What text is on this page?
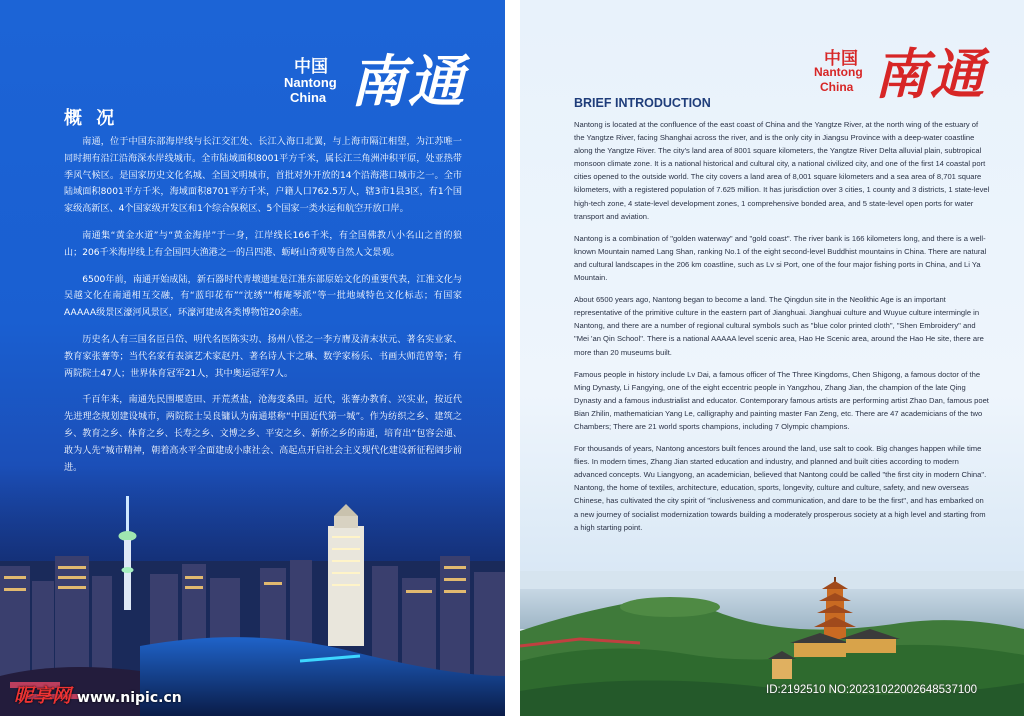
中国
Nantong
China 南通
概 况

南通，位于中国东部海岸线与长江交汇处、长江入海口北翼，与上海市隔江相望，为江苏唯一同时拥有沿江沿海深水岸线城市。全市陆域面积8001平方千米，属长江三角洲冲积平原，处亚热带季风气候区。是国家历史文化名城、全国文明城市，首批对外开放的14个沿海港口城市之一。全市陆域面积8001平方千米，海域面积8701平方千米，户籍人口762.5万人，辖3市1县3区，有1个国家级高新区、4个国家级开发区和1个综合保税区、5个国家一类水运和航空开放口岸。

南通集“黄金水道”与“黄金海岸”于一身，江岸线长166千米，有全国佛教八小名山之首的狼山；206千米海岸线上有全国四大渔港之一的吕四港、蛎岈山奇观等自然人文景观。

6500年前，南通开始成陆，新石器时代青墩遗址是江淮东部原始文化的重要代表，江淮文化与吴越文化在南通相互交融，有“蓝印花布”“沈绣”“梅庵琴派”等一批地域特色文化标志；有国家AAAAA级景区濠河风景区，环濠河建成各类博物馆20余座。

历史名人有三国名臣吕岱、明代名医陈实功、扬州八怪之一李方膺及清末状元、著名实业家、教育家张謇等；当代名家有表演艺术家赵丹、著名诗人卞之琳、数学家杨乐、书画大师范曾等；有两院院士47人；世界体育冠军21人，其中奥运冠军7人。

千百年来，南通先民围堰造田、开荒煮盐，沧海变桑田。近代，张謇办教育、兴实业，按近代先进理念规划建设城市，两院院士吴良镛认为南通堪称“中国近代第一城”。作为纺织之乡、建筑之乡、教育之乡、体育之乡、长寿之乡、文博之乡、平安之乡、新侨之乡的南通，培育出“包容会通、敢为人先”城市精神，朝着高水平全面建成小康社会、高起点开启社会主义现代化建设新征程阔步前进。

昵享网 www.nipic.cn
中国
Nantong
China 南通
BRIEF INTRODUCTION

Nantong is located at the confluence of the east coast of China and the Yangtze River, at the north wing of the estuary of the Yangtze River, facing Shanghai across the river, and is the only city in Jiangsu Province with a deep-water coastline along the Yangtze River. The city's land area of 8001 square kilometers, the Yangtze River Delta alluvial plain, subtropical monsoon climate zone. It is a national historical and cultural city, a national civilized city, and one of the first 14 coastal port cities opened to the outside world. The city covers a land area of 8,001 square kilometers and a sea area of 8,701 square kilometers, with a registered population of 7.625 million. It has jurisdiction over 3 cities, 1 county and 3 districts, 1 state-level high-tech zone, 4 state-level development zones, 1 comprehensive bonded area, and 5 state-level open ports for water transport and aviation.

Nantong is a combination of "golden waterway" and "gold coast". The river bank is 166 kilometers long, and there is a well-known Mountain named Lang Shan, ranking No.1 of the eight second-level Buddhist mountains in China. There are natural and cultural landscapes in the 206 km coastline, such as Lv si Port, one of the four major fishing ports in China, and Li Ya Mountain.

About 6500 years ago, Nantong began to become a land. The Qingdun site in the Neolithic Age is an important representative of the primitive culture in the eastern part of Jianghuai. Jianghuai culture and Wuyue culture intermingle in Nantong, and there are a number of regional cultural symbols such as "blue color printed cloth", "Shen Embroidery" and "Mei 'an Qin School". There is a national AAAAA level scenic area, Hao He Scenic area, around the Hao He site, there are more than 20 museums built.

Famous people in history include Lv Dai, a famous officer of The Three Kingdoms, Chen Shigong, a famous doctor of the Ming Dynasty, Li Fangying, one of the eight eccentric people in Yangzhou, Zhang Jian, the champion of the late Qing Dynasty and a famous industrialist and educator. Contemporary famous artists are performing artist Zhao Dan, famous poet Bian Zhilin, mathematician Yang Le, calligraphy and painting master Fan Zeng, etc. There are 47 academicians of the two Chambers; There are 21 world sports champions, including 7 Olympic champions.

For thousands of years, Nantong ancestors built fences around the land, use salt to cook. Big changes happen while time flies. In modern times, Zhang Jian started education and industry, and planned and built cities according to modern advanced concepts. Wu Liangyong, an academician, believed that Nantong could be called "the first city in modern China". Nantong, the home of textiles, architecture, education, sports, longevity, culture and culture, safety, and new overseas Chinese, has cultivated the city spirit of "inclusiveness and communication, and dare to be the first", and has embarked on a new journey of socialist modernization towards building a moderately prosperous society at a high level and starting from a high starting point.

ID:2192510 NO:20231022002648537100
